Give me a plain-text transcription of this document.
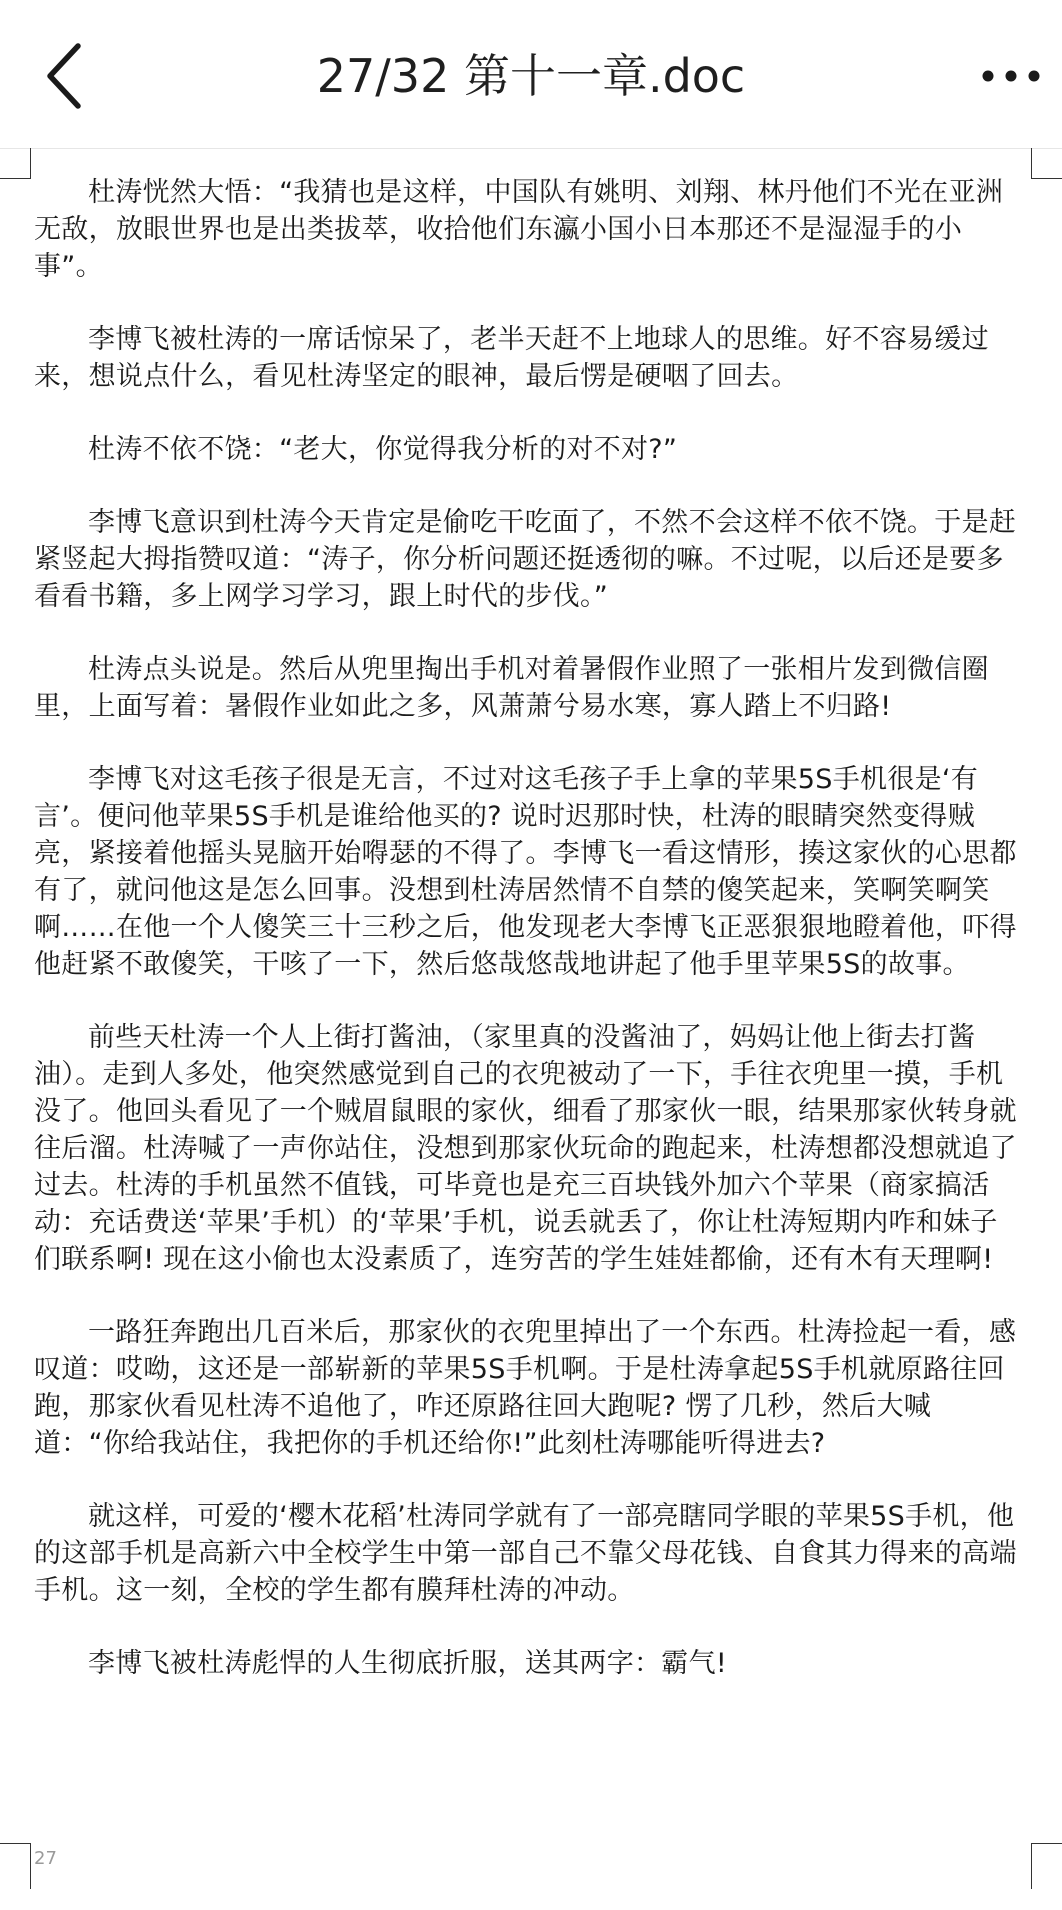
27/32 第十一章.doc

杜涛恍然大悟：“我猜也是这样，中国队有姚明、刘翔、林丹他们不光在亚洲无敌，放眼世界也是出类拔萃，收拾他们东瀛小国小日本那还不是湿湿手的小事”。

李博飞被杜涛的一席话惊呆了，老半天赶不上地球人的思维。好不容易缓过来，想说点什么，看见杜涛坚定的眼神，最后愣是硬咽了回去。

杜涛不依不饶：“老大，你觉得我分析的对不对?”

李博飞意识到杜涛今天肯定是偷吃干吃面了，不然不会这样不依不饶。于是赶紧竖起大拇指赞叹道：“涛子，你分析问题还挺透彻的嘛。不过呢，以后还是要多看看书籍，多上网学习学习，跟上时代的步伐。”

杜涛点头说是。然后从兜里掏出手机对着暑假作业照了一张相片发到微信圈里，上面写着：暑假作业如此之多，风萧萧兮易水寒，寡人踏上不归路!

李博飞对这毛孩子很是无言，不过对这毛孩子手上拿的苹果5S手机很是‘有言’。便问他苹果5S手机是谁给他买的? 说时迟那时快，杜涛的眼睛突然变得贼亮，紧接着他摇头晃脑开始嘚瑟的不得了。李博飞一看这情形，揍这家伙的心思都有了，就问他这是怎么回事。没想到杜涛居然情不自禁的傻笑起来，笑啊笑啊笑啊……在他一个人傻笑三十三秒之后，他发现老大李博飞正恶狠狠地瞪着他，吓得他赶紧不敢傻笑，干咳了一下，然后悠哉悠哉地讲起了他手里苹果5S的故事。

前些天杜涛一个人上街打酱油，（家里真的没酱油了，妈妈让他上街去打酱油）。走到人多处，他突然感觉到自己的衣兜被动了一下，手往衣兜里一摸，手机没了。他回头看见了一个贼眉鼠眼的家伙，细看了那家伙一眼，结果那家伙转身就往后溜。杜涛喊了一声你站住，没想到那家伙玩命的跑起来，杜涛想都没想就追了过去。杜涛的手机虽然不值钱，可毕竟也是充三百块钱外加六个苹果（商家搞活动：充话费送‘苹果’手机）的‘苹果’手机，说丢就丢了，你让杜涛短期内咋和妹子们联系啊! 现在这小偷也太没素质了，连穷苦的学生娃娃都偷，还有木有天理啊!

一路狂奔跑出几百米后，那家伙的衣兜里掉出了一个东西。杜涛捡起一看，感叹道：哎呦，这还是一部崭新的苹果5S手机啊。于是杜涛拿起5S手机就原路往回跑，那家伙看见杜涛不追他了，咋还原路往回大跑呢? 愣了几秒，然后大喊道：“你给我站住，我把你的手机还给你!”此刻杜涛哪能听得进去?

就这样，可爱的‘樱木花稻’杜涛同学就有了一部亮瞎同学眼的苹果5S手机，他的这部手机是高新六中全校学生中第一部自己不靠父母花钱、自食其力得来的高端手机。这一刻，全校的学生都有膜拜杜涛的冲动。

李博飞被杜涛彪悍的人生彻底折服，送其两字：霸气!

27
